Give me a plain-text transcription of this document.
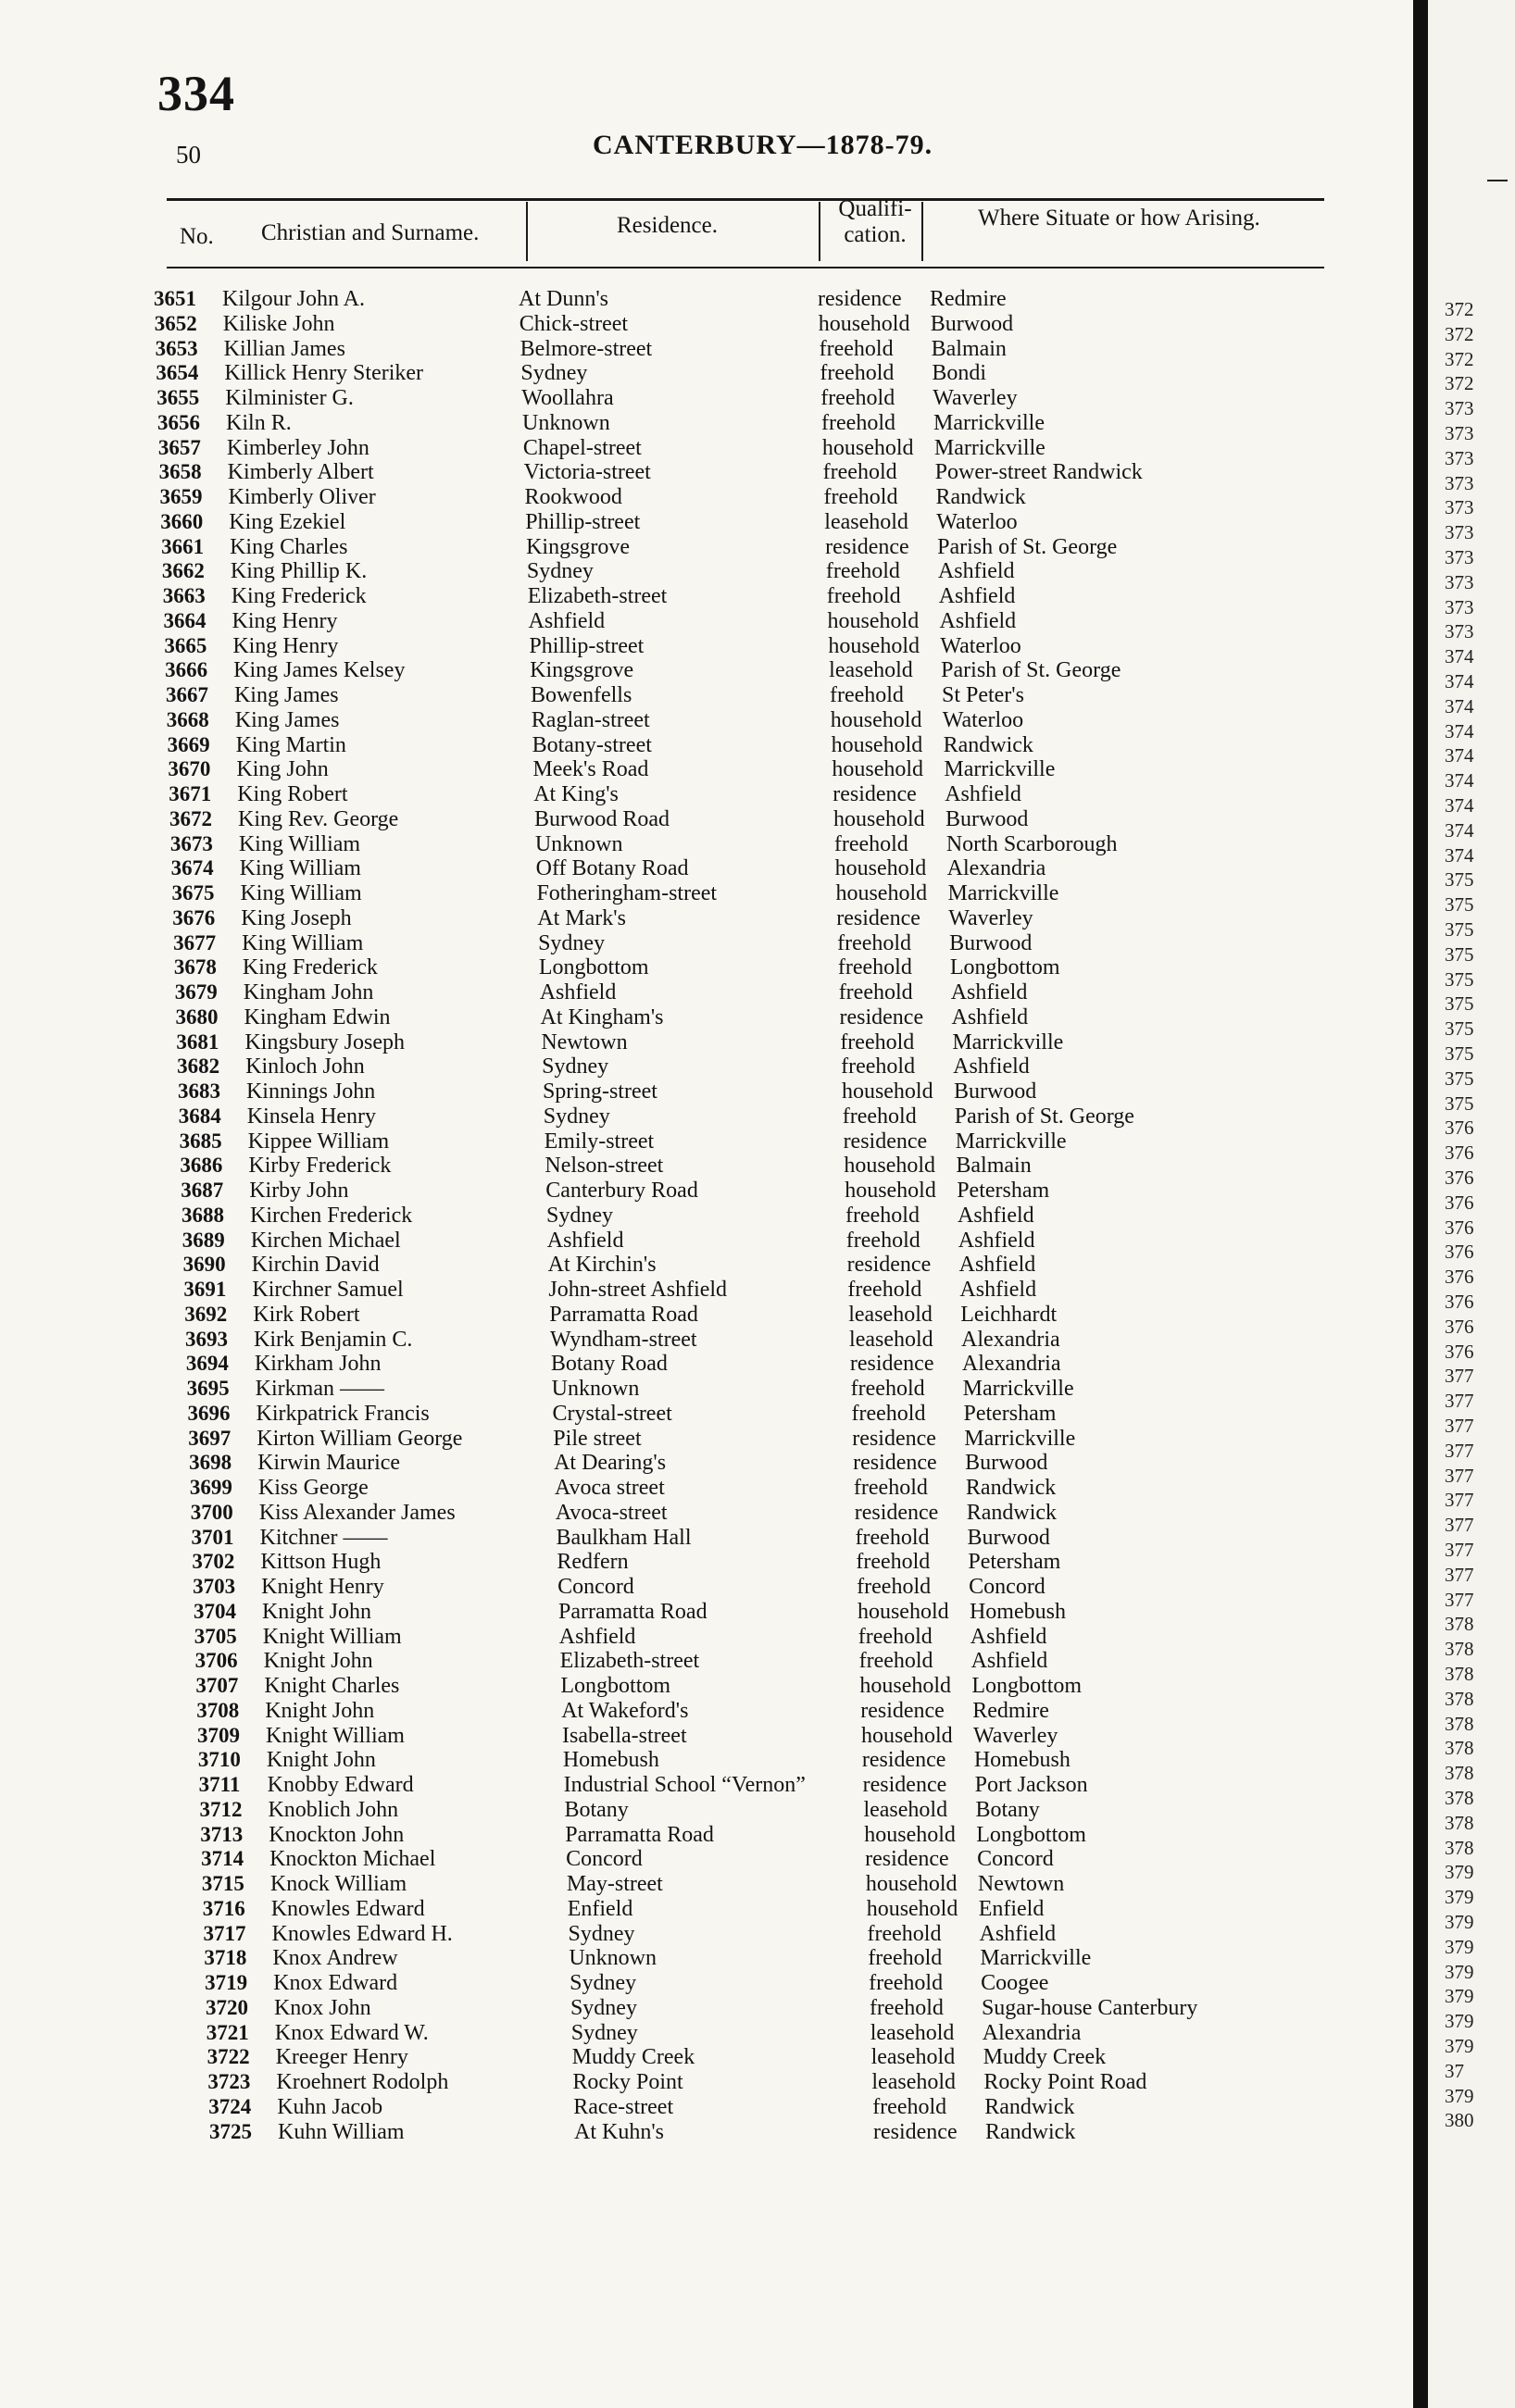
334
50	CANTERBURY—1878-79.
No. Christian and Surname.	Residence.
Qualifi-cation.
Where Situate or how Arising.
3651 Kilgour John A.	At Dunn's	residence Redmire
3652 Kiliske John	Chick-street	household Burwood
3653 Killian James	Belmore-street	freehold Balmain
3654 Killick Henry Steriker	Sydney	freehold Bondi
3655 Kilminister G.	Woollahra	freehold Waverley
3656 Kiln R.	Unknown	freehold Marrickville
3657 Kimberley John	Chapel-street	household Marrickville
3658 Kimberly Albert	Victoria-street	freehold Power-street Randwick
3659 Kimberly Oliver	Rookwood	freehold Randwick
3660 King Ezekiel	Phillip-street	leasehold Waterloo
3661 King Charles	Kingsgrove	residence Parish of St. George
3662 King Phillip K.	Sydney	freehold Ashfield
3663 King Frederick	Elizabeth-street	freehold Ashfield
3664 King Henry	Ashfield	household Ashfield
3665 King Henry	Phillip-street	household Waterloo
3666 King James Kelsey	Kingsgrove	leasehold Parish of St. George
3667 King James	Bowenfells	freehold St Peter's
3668 King James	Raglan-street	household Waterloo
3669 King Martin	Botany-street	household Randwick
3670 King John	Meek's Road	household Marrickville
3671 King Robert	At King's	residence Ashfield
3672 King Rev. George	Burwood Road	household Burwood
3673 King William	Unknown	freehold North Scarborough
3674 King William	Off Botany Road	household Alexandria
3675 King William	Fotheringham-street	household Marrickville
3676 King Joseph	At Mark's	residence Waverley
3677 King William	Sydney	freehold Burwood
3678 King Frederick	Longbottom	freehold Longbottom
3679 Kingham John	Ashfield	freehold Ashfield
3680 Kingham Edwin	At Kingham's	residence Ashfield
3681 Kingsbury Joseph	Newtown	freehold Marrickville
3682 Kinloch John	Sydney	freehold Ashfield
3683 Kinnings John	Spring-street	household Burwood
3684 Kinsela Henry	Sydney	freehold Parish of St. George
3685 Kippee William	Emily-street	residence Marrickville
3686 Kirby Frederick	Nelson-street	household Balmain
3687 Kirby John	Canterbury Road	household Petersham
3688 Kirchen Frederick	Sydney	freehold Ashfield
3689 Kirchen Michael	Ashfield	freehold Ashfield
3690 Kirchin David	At Kirchin's	residence Ashfield
3691 Kirchner Samuel	John-street Ashfield	freehold Ashfield
3692 Kirk Robert	Parramatta Road	leasehold Leichhardt
3693 Kirk Benjamin C.	Wyndham-street	leasehold Alexandria
3694 Kirkham John	Botany Road	residence Alexandria
3695 Kirkman ——	Unknown	freehold Marrickville
3696 Kirkpatrick Francis	Crystal-street	freehold Petersham
3697 Kirton William George	Pile street	residence Marrickville
3698 Kirwin Maurice	At Dearing's	residence Burwood
3699 Kiss George	Avoca street	freehold Randwick
3700 Kiss Alexander James	Avoca-street	residence Randwick
3701 Kitchner ——	Baulkham Hall	freehold Burwood
3702 Kittson Hugh	Redfern	freehold Petersham
3703 Knight Henry	Concord	freehold Concord
3704 Knight John	Parramatta Road	household Homebush
3705 Knight William	Ashfield	freehold Ashfield
3706 Knight John	Elizabeth-street	freehold Ashfield
3707 Knight Charles	Longbottom	household Longbottom
3708 Knight John	At Wakeford's	residence Redmire
3709 Knight William	Isabella-street	household Waverley
3710 Knight John	Homebush	residence Homebush
3711 Knobby Edward	Industrial School “Vernon”	residence Port Jackson
3712 Knoblich John	Botany	leasehold Botany
3713 Knockton John	Parramatta Road	household Longbottom
3714 Knockton Michael	Concord	residence Concord
3715 Knock William	May-street	household Newtown
3716 Knowles Edward	Enfield	household Enfield
3717 Knowles Edward H.	Sydney	freehold Ashfield
3718 Knox Andrew	Unknown	freehold Marrickville
3719 Knox Edward	Sydney	freehold Coogee
3720 Knox John	Sydney	freehold Sugar-house Canterbury
3721 Knox Edward W.	Sydney	leasehold Alexandria
3722 Kreeger Henry	Muddy Creek	leasehold Muddy Creek
3723 Kroehnert Rodolph	Rocky Point	leasehold Rocky Point Road
3724 Kuhn Jacob	Race-street	freehold Randwick
3725 Kuhn William	At Kuhn's	residence Randwick
372
372
372
372
373
373
373
373
373
373
373
373
373
373
374
374
374
374
374
374
374
374
374
375
375
375
375
375
375
375
375
375
375
376
376
376
376
376
376
376
376
376
376
377
377
377
377
377
377
377
377
377
377
378
378
378
378
378
378
378
378
378
378
379
379
379
379
379
379
379
379
37
379
380
